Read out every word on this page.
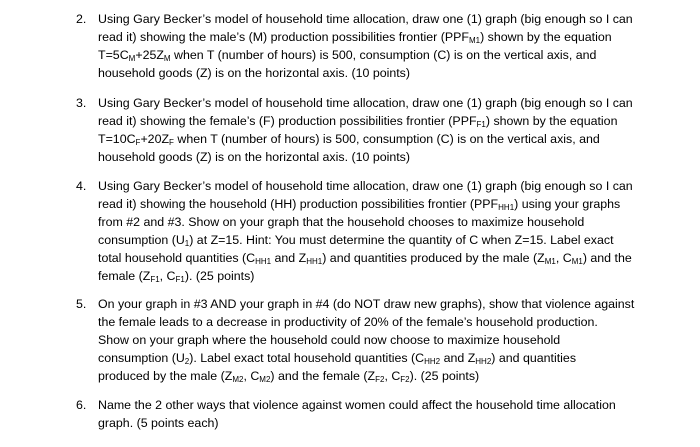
2. Using Gary Becker’s model of household time allocation, draw one (1) graph (big enough so I can
read it) showing the male’s (M) production possibilities frontier $(PPF_{M1})$ shown by the equation
$T=5C_M+25Z_M$ when T (number of hours) is 500, consumption (C) is on the vertical axis, and
household goods (Z) is on the horizontal axis. (10 points)
3. Using Gary Becker’s model of household time allocation, draw one (1) graph (big enough so I can
read it) showing the female’s (F) production possibilities frontier $(PPF_{F1})$ shown by the equation
$T=10C_F+20Z_F$ when T (number of hours) is 500, consumption (C) is on the vertical axis, and
household goods (Z) is on the horizontal axis. (10 points)
4. Using Gary Becker’s model of household time allocation, draw one (1) graph (big enough so I can
read it) showing the household (HH) production possibilities frontier $(PPF_{HH1})$ using your graphs
from #2 and #3. Show on your graph that the household chooses to maximize household
consumption $(U_1)$ at Z=15. Hint: You must determine the quantity of C when Z=15. Label exact
total household quantities ($C_{HH1}$ and $Z_{HH1}$) and quantities produced by the male ($Z_{M1}$, $C_{M1}$) and the
female ($Z_{F1}$, $C_{F1}$). (25 points)
5. On your graph in #3 AND your graph in #4 (do NOT draw new graphs), show that violence against
the female leads to a decrease in productivity of 20% of the female’s household production.
Show on your graph where the household could now choose to maximize household
consumption $(U_2)$. Label exact total household quantities ($C_{HH2}$ and $Z_{HH2}$) and quantities
produced by the male ($Z_{M2}$, $C_{M2}$) and the female ($Z_{F2}$, $C_{F2}$). (25 points)
6. Name the 2 other ways that violence against women could affect the household time allocation
graph. (5 points each)
